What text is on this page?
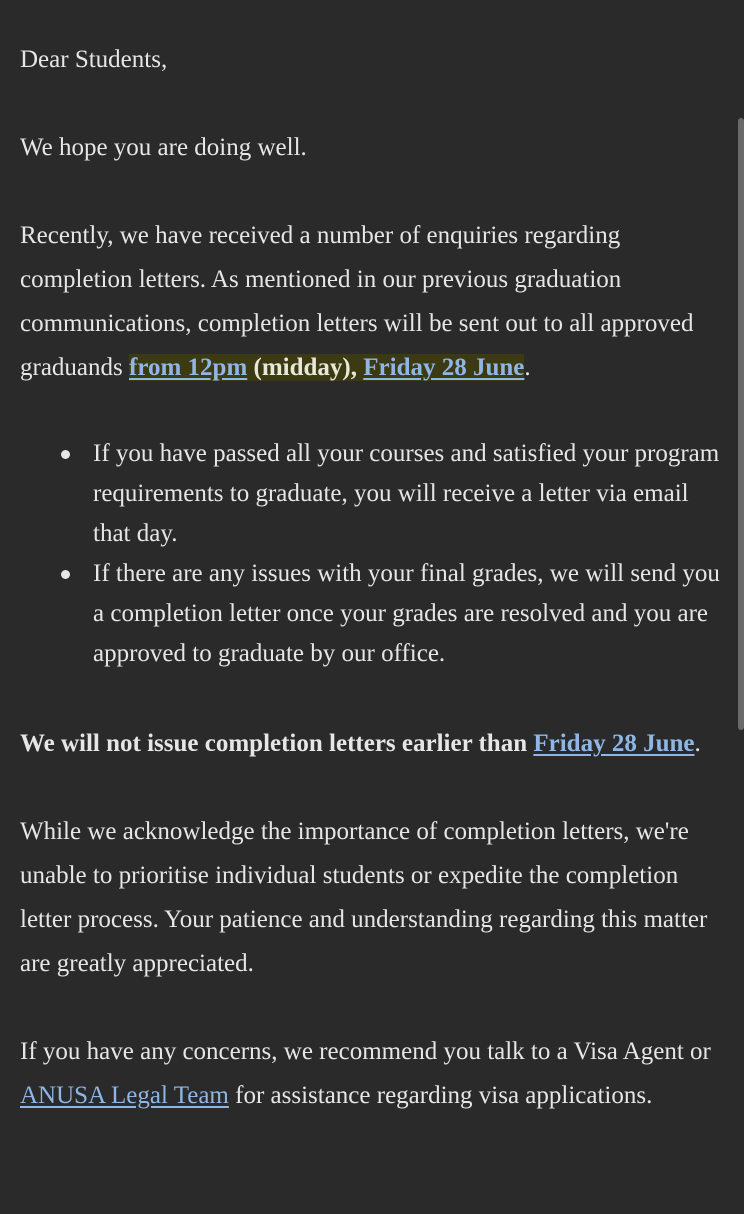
Dear Students,

We hope you are doing well.

Recently, we have received a number of enquiries regarding completion letters. As mentioned in our previous graduation communications, completion letters will be sent out to all approved graduands from 12pm (midday), Friday 28 June.

If you have passed all your courses and satisfied your program requirements to graduate, you will receive a letter via email that day.
If there are any issues with your final grades, we will send you a completion letter once your grades are resolved and you are approved to graduate by our office.

We will not issue completion letters earlier than Friday 28 June.

While we acknowledge the importance of completion letters, we're unable to prioritise individual students or expedite the completion letter process. Your patience and understanding regarding this matter are greatly appreciated.

If you have any concerns, we recommend you talk to a Visa Agent or ANUSA Legal Team for assistance regarding visa applications.
